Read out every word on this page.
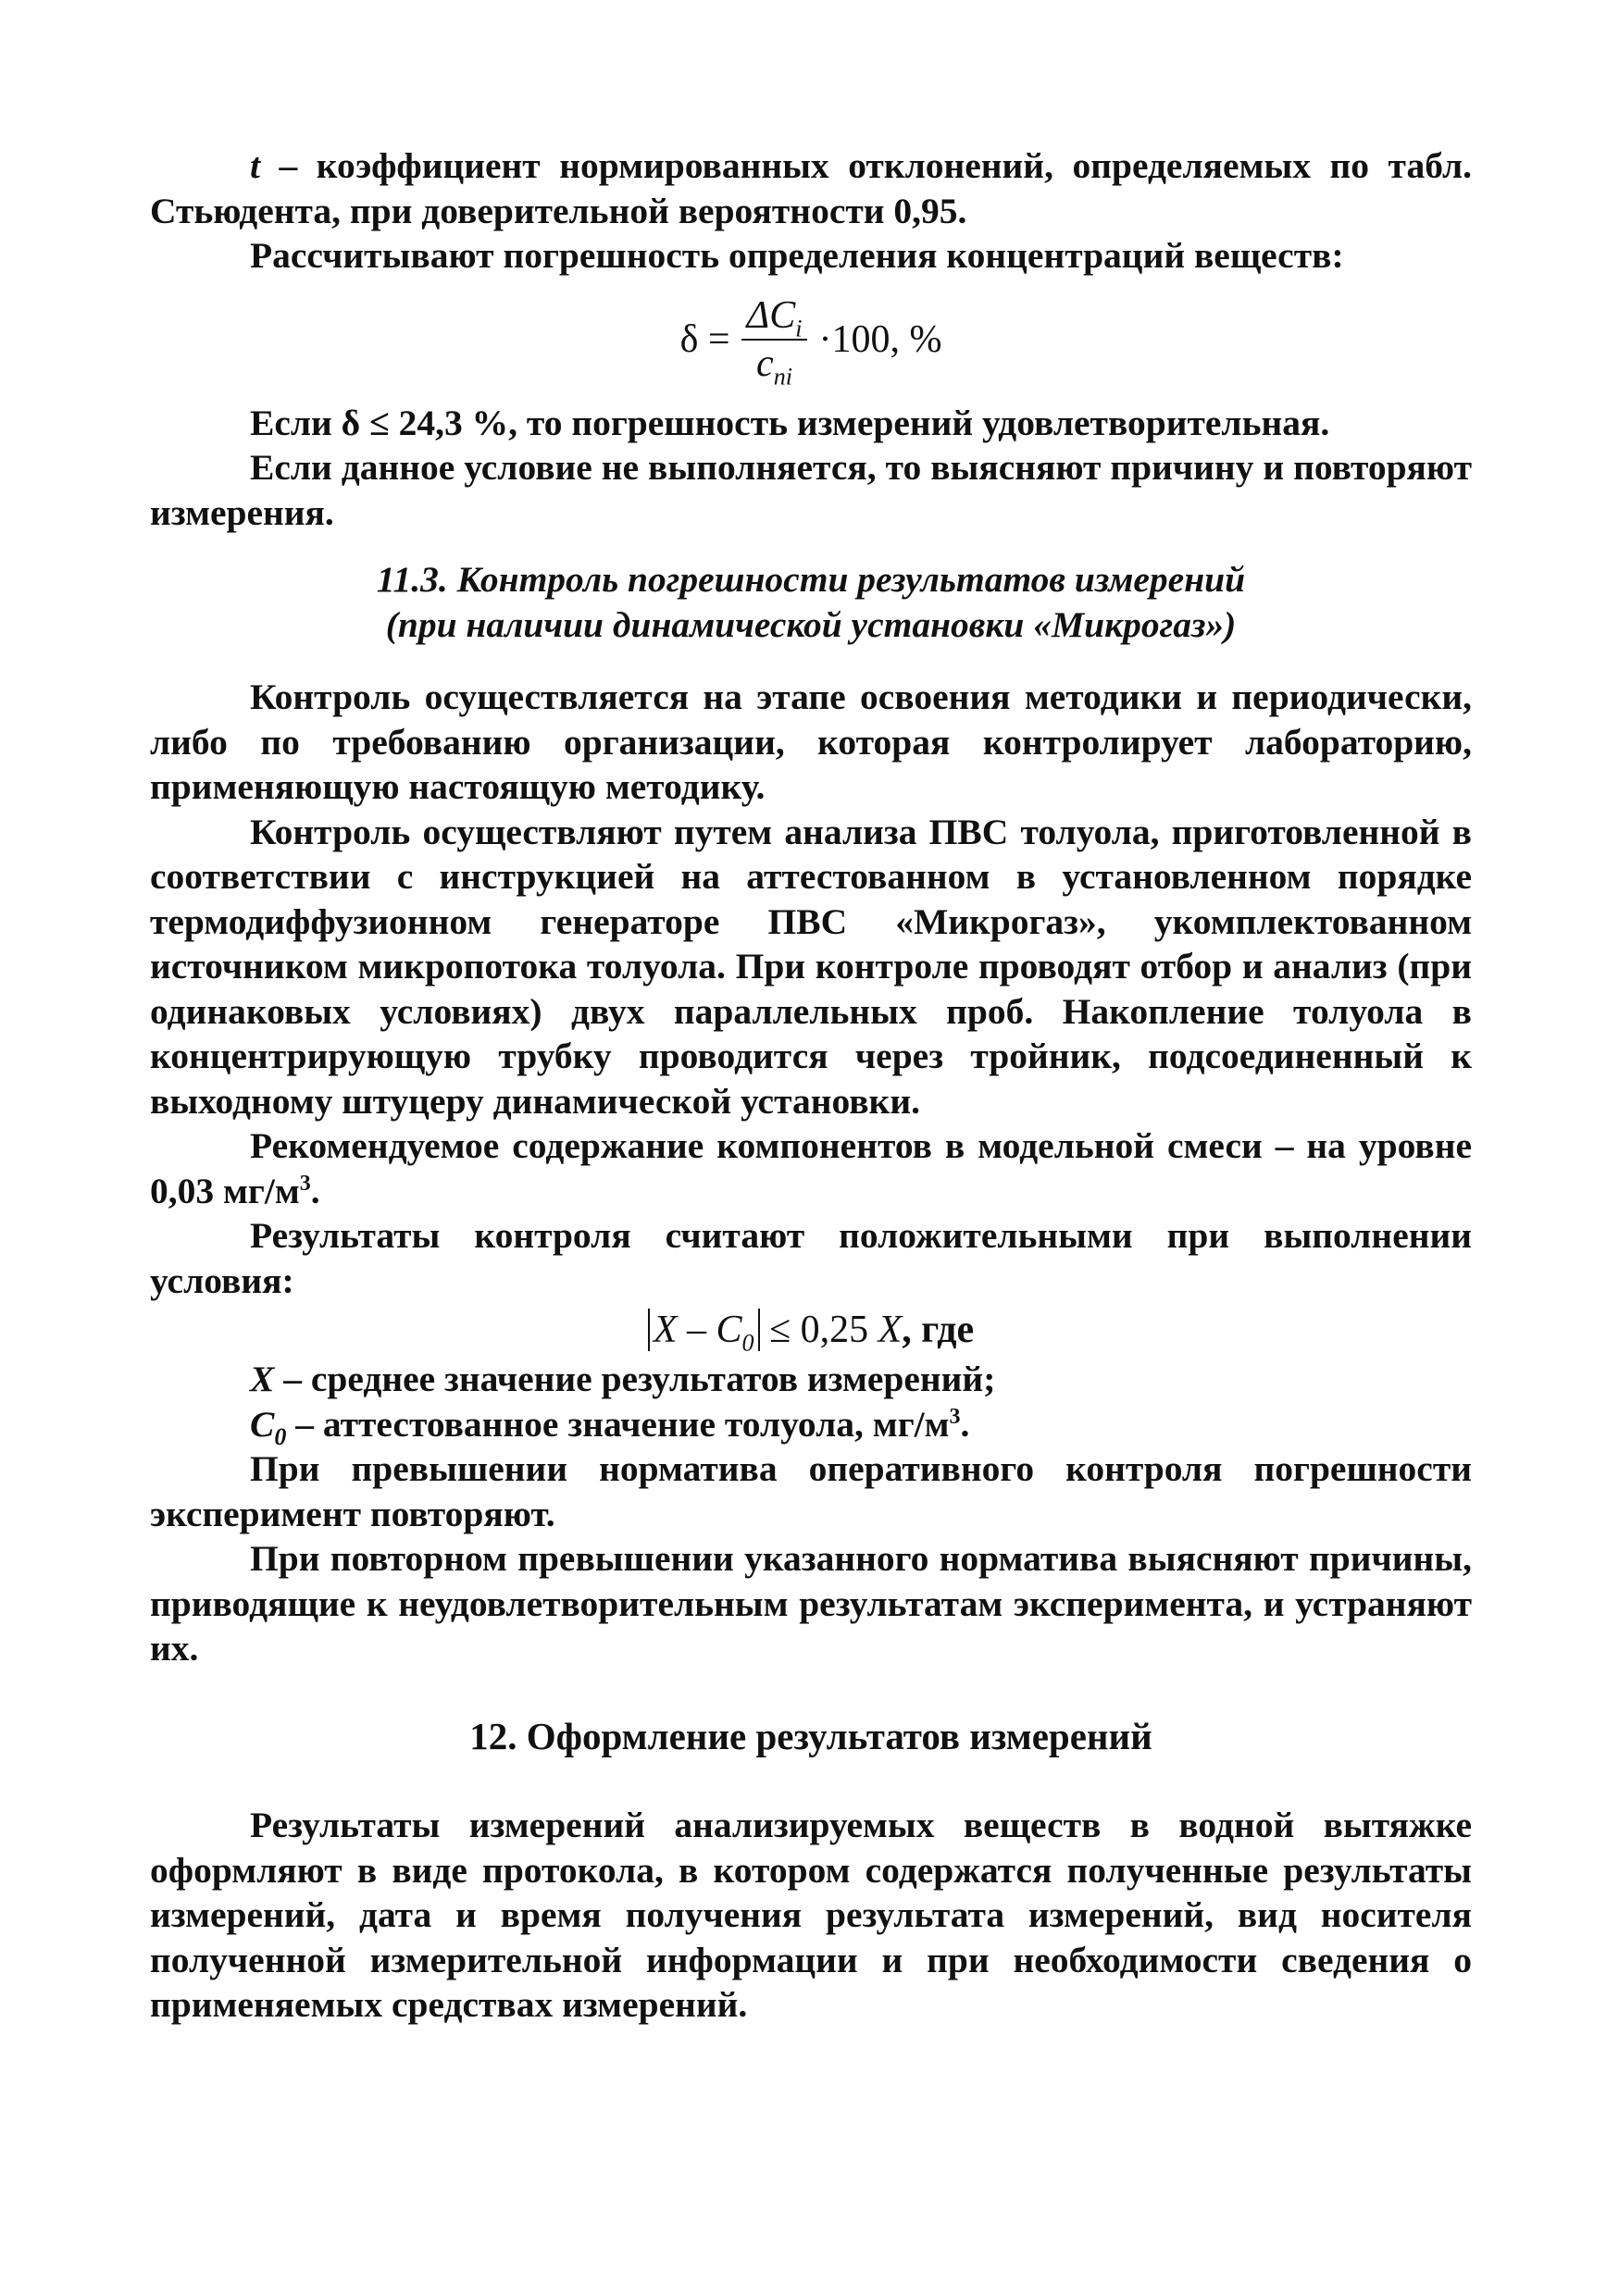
t – коэффициент нормированных отклонений, определяемых по табл. Стьюдента, при доверительной вероятности 0,95.

Рассчитывают погрешность определения концентраций веществ:

$\delta = \frac{\Delta C_i}{c_{ni}} \cdot 100$, %

Если δ ≤ 24,3 %, то погрешность измерений удовлетворительная.

Если данное условие не выполняется, то выясняют причину и повторяют измерения.

11.3. Контроль погрешности результатов измерений

(при наличии динамической установки «Микрогаз»)

Контроль осуществляется на этапе освоения методики и периодически, либо по требованию организации, которая контролирует лабораторию, применяющую настоящую методику.

Контроль осуществляют путем анализа ПВС толуола, приготовленной в соответствии с инструкцией на аттестованном в установленном порядке термодиффузионном генераторе ПВС «Микрогаз», укомплектованном источником микропотока толуола. При контроле проводят отбор и анализ (при одинаковых условиях) двух параллельных проб. Накопление толуола в концентрирующую трубку проводится через тройник, подсоединенный к выходному штуцеру динамической установки.

Рекомендуемое содержание компонентов в модельной смеси – на уровне 0,03 $мг/м^3$.

Результаты контроля считают положительными при выполнении условия:

$X - C_0 \le 0,25$ X, где

X – среднее значение результатов измерений;

$C_0$ – аттестованное значение толуола, $мг/м^3$.

При превышении норматива оперативного контроля погрешности эксперимент повторяют.

При повторном превышении указанного норматива выясняют причины, приводящие к неудовлетворительным результатам эксперимента, и устраняют их.

12. Оформление результатов измерений

Результаты измерений анализируемых веществ в водной вытяжке оформляют в виде протокола, в котором содержатся полученные результаты измерений, дата и время получения результата измерений, вид носителя полученной измерительной информации и при необходимости сведения о применяемых средствах измерений.
